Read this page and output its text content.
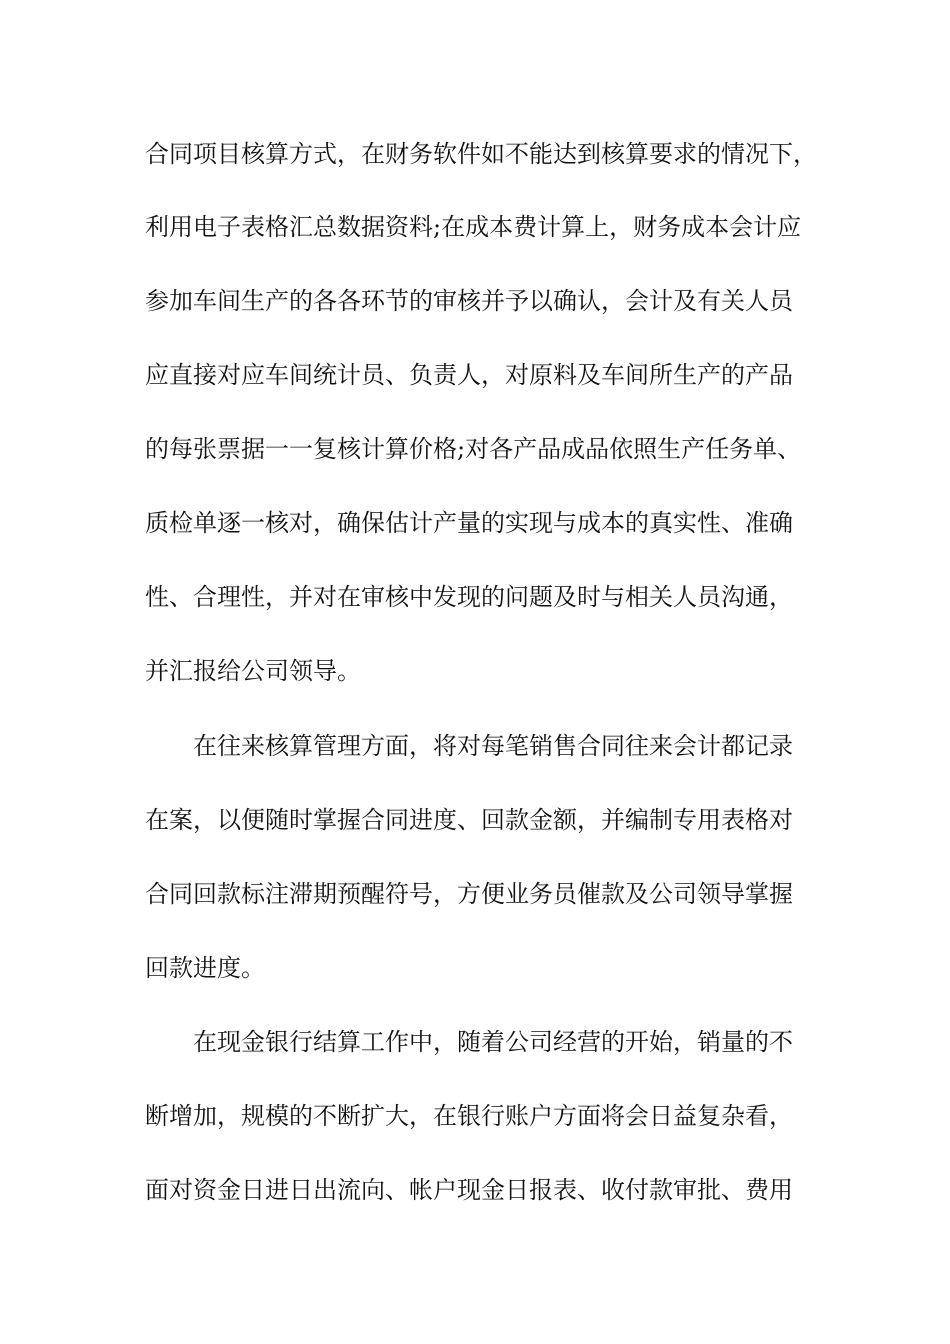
合同项目核算方式，在财务软件如不能达到核算要求的情况下，
利用电子表格汇总数据资料;在成本费计算上，财务成本会计应
参加车间生产的各各环节的审核并予以确认，会计及有关人员
应直接对应车间统计员、负责人，对原料及车间所生产的产品
的每张票据一一复核计算价格;对各产品成品依照生产任务单、
质检单逐一核对，确保估计产量的实现与成本的真实性、准确
性、合理性，并对在审核中发现的问题及时与相关人员沟通，
并汇报给公司领导。
在往来核算管理方面，将对每笔销售合同往来会计都记录
在案，以便随时掌握合同进度、回款金额，并编制专用表格对
合同回款标注滞期预醒符号，方便业务员催款及公司领导掌握
回款进度。
在现金银行结算工作中，随着公司经营的开始，销量的不
断增加，规模的不断扩大，在银行账户方面将会日益复杂看，
面对资金日进日出流向、帐户现金日报表、收付款审批、费用
